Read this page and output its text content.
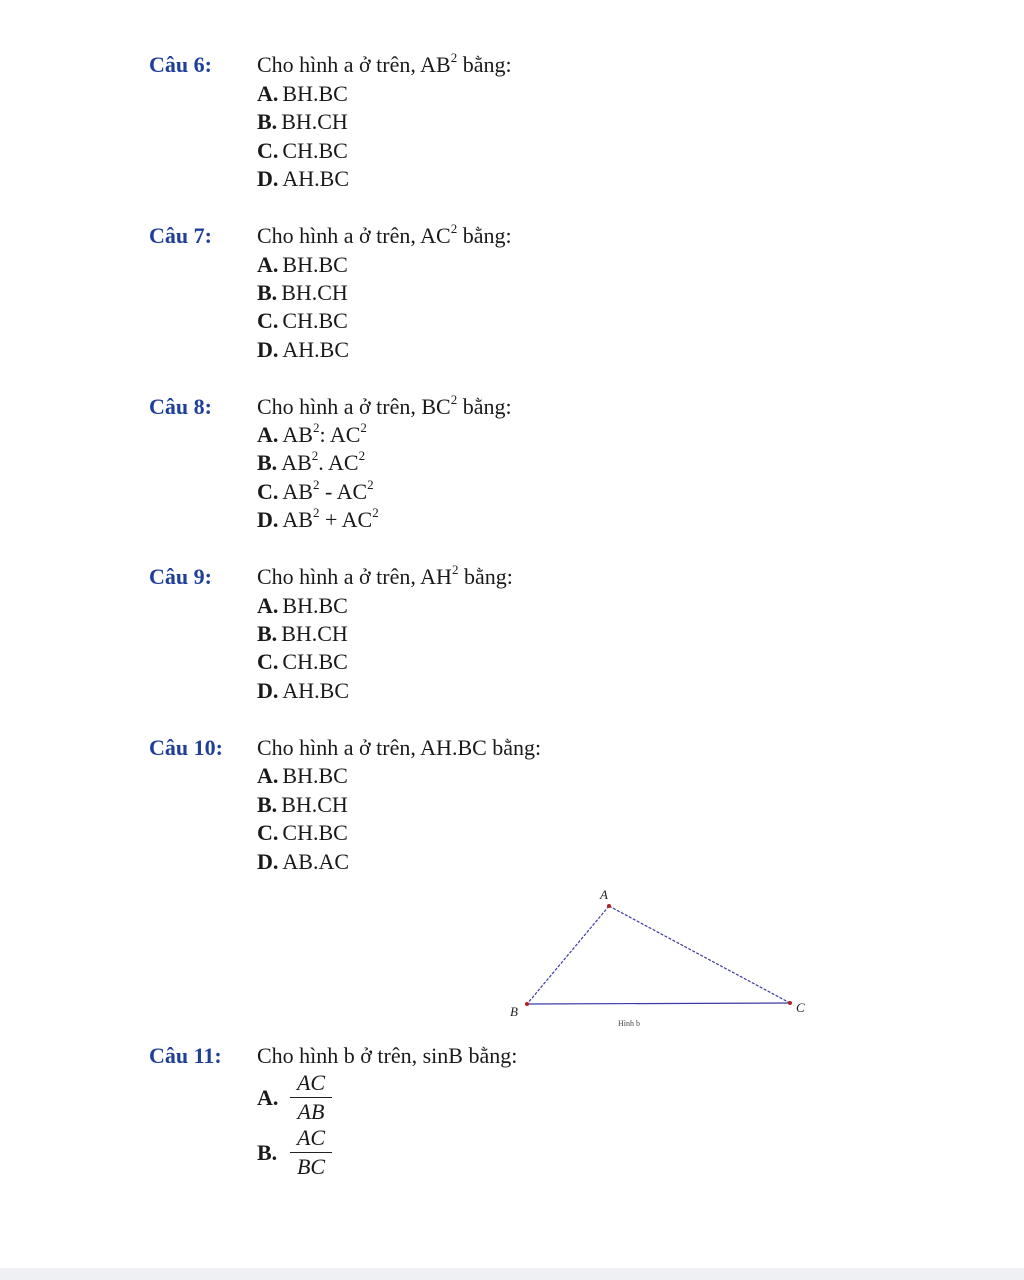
Câu 6: Cho hình a ở trên, $AB^2$ bằng:
A. BH.BC
B. BH.CH
C. CH.BC
D. AH.BC
Câu 7: Cho hình a ở trên, $AC^2$ bằng:
A. BH.BC
B. BH.CH
C. CH.BC
D. AH.BC
Câu 8: Cho hình a ở trên, $BC^2$ bằng:
A. $AB^2$: $AC^2$
B. $AB^2$. $AC^2$
C. $AB^2 - AC^2$
D. $AB^2 + AC^2$
Câu 9: Cho hình a ở trên, $AH^2$ bằng:
A. BH.BC
B. BH.CH
C. CH.BC
D. AH.BC
Câu 10: Cho hình a ở trên, AH.BC bằng:
A. BH.BC
B. BH.CH
C. CH.BC
D. AB.AC
A
B	C
Hình b
Câu 11: Cho hình b ở trên, sinB bằng:
A.
AC
AB
B.
AC
BC
